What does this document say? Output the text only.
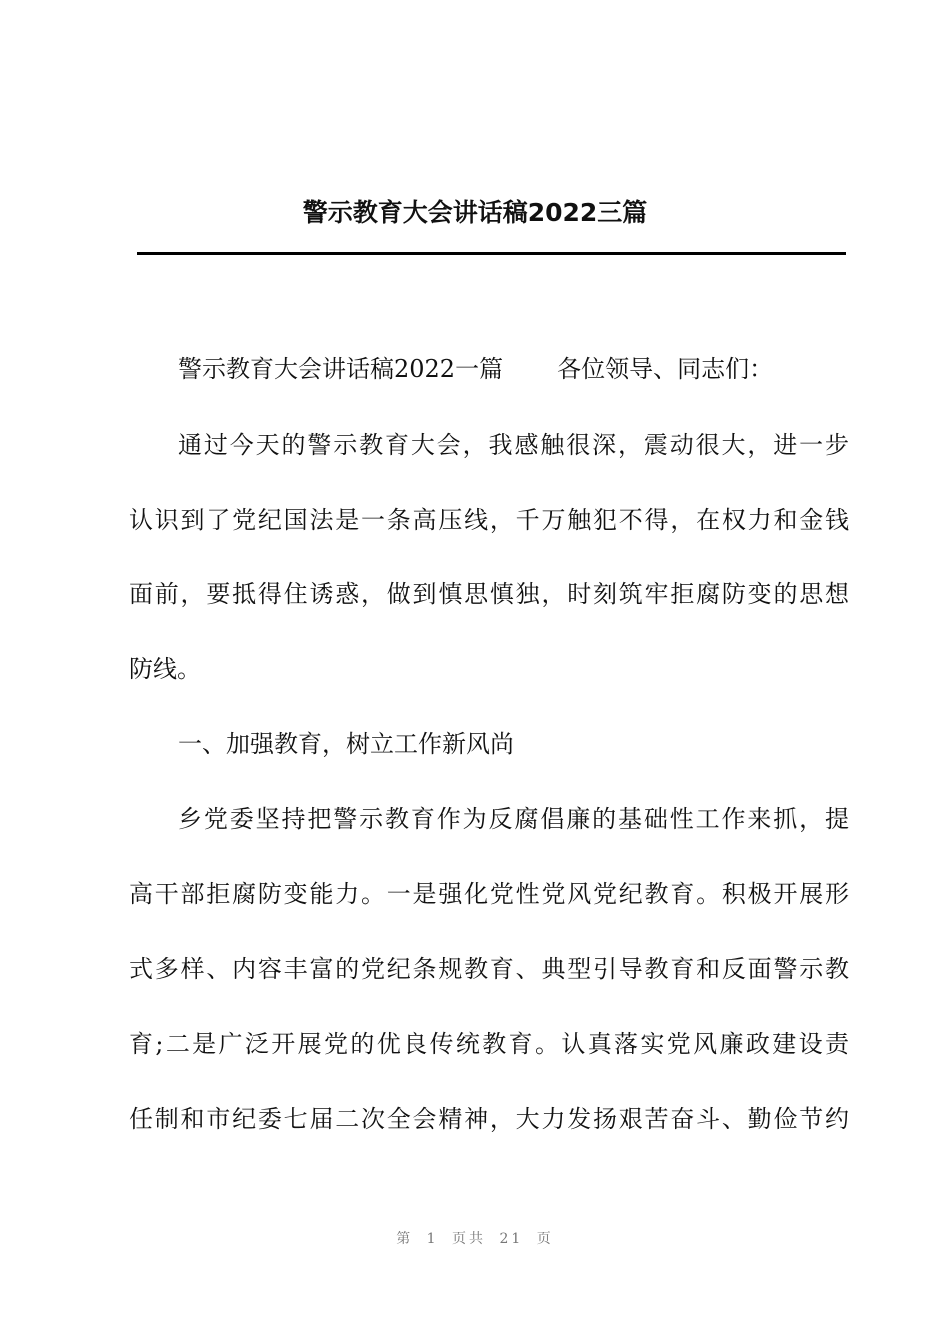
警示教育大会讲话稿2022三篇
警示教育大会讲话稿2022一篇 各位领导、同志们：
通过今天的警示教育大会，我感触很深，震动很大，进一步
认识到了党纪国法是一条高压线，千万触犯不得，在权力和金钱
面前，要抵得住诱惑，做到慎思慎独，时刻筑牢拒腐防变的思想
防线。
一、加强教育，树立工作新风尚
乡党委坚持把警示教育作为反腐倡廉的基础性工作来抓，提
高干部拒腐防变能力。一是强化党性党风党纪教育。积极开展形
式多样、内容丰富的党纪条规教育、典型引导教育和反面警示教
育;二是广泛开展党的优良传统教育。认真落实党风廉政建设责
任制和市纪委七届二次全会精神，大力发扬艰苦奋斗、勤俭节约
第 1 页共 21 页
